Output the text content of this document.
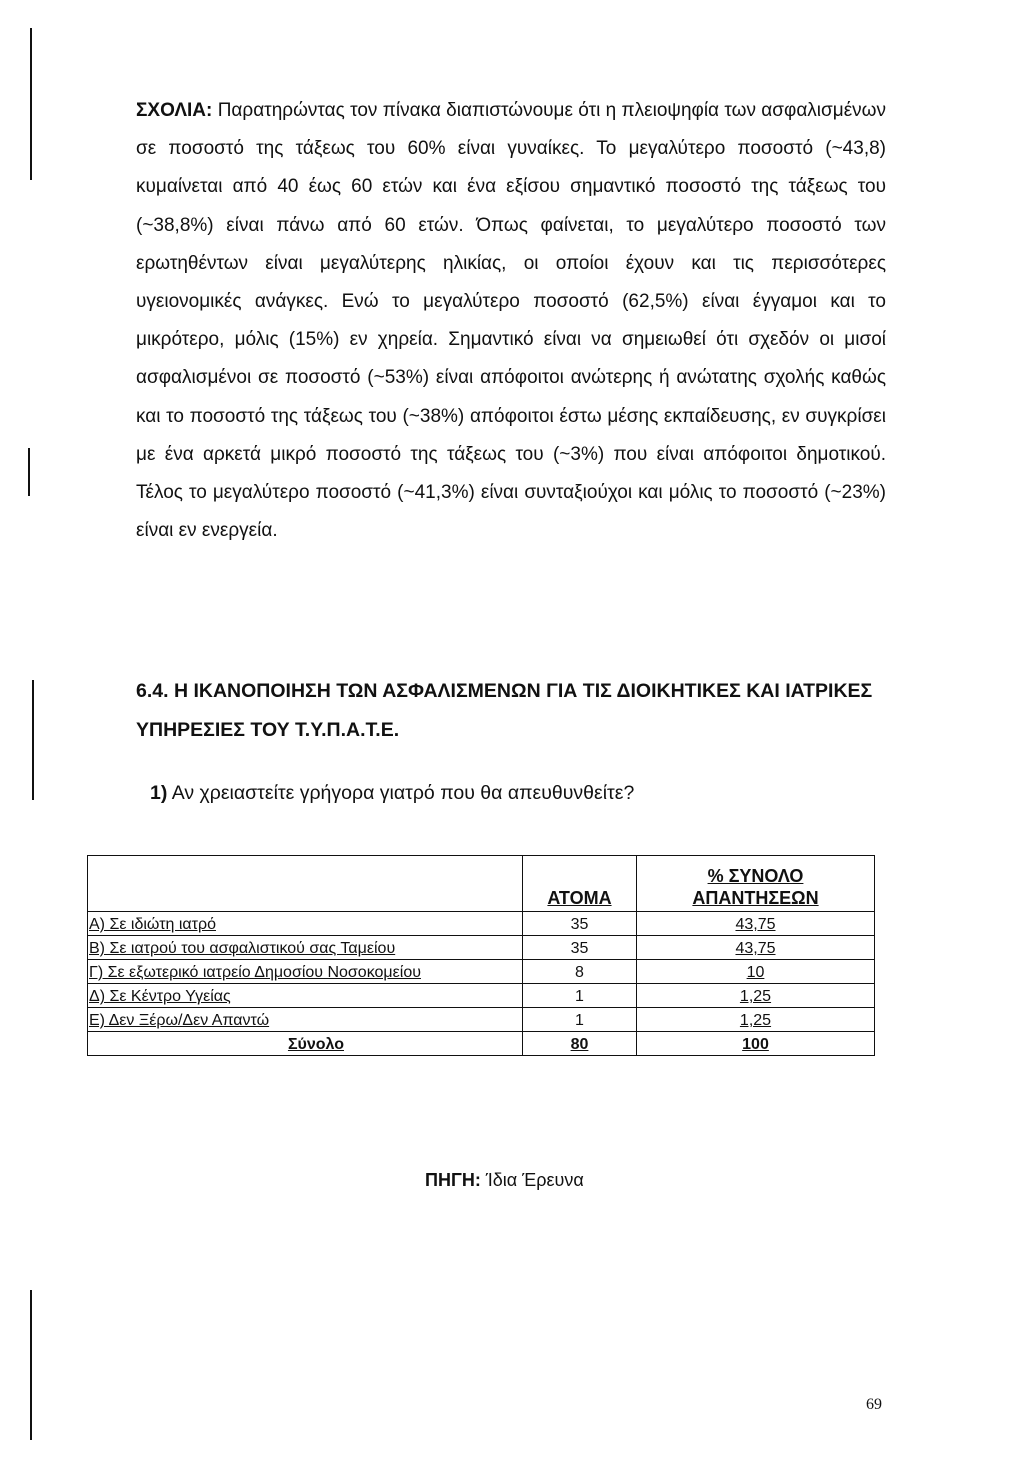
ΣΧΟΛΙΑ: Παρατηρώντας τον πίνακα διαπιστώνουμε ότι η πλειοψηφία των ασφαλισμένων σε ποσοστό της τάξεως του 60% είναι γυναίκες. Το μεγαλύτερο ποσοστό (~43,8) κυμαίνεται από 40 έως 60 ετών και ένα εξίσου σημαντικό ποσοστό της τάξεως του (~38,8%) είναι πάνω από 60 ετών. Όπως φαίνεται, το μεγαλύτερο ποσοστό των ερωτηθέντων είναι μεγαλύτερης ηλικίας, οι οποίοι έχουν και τις περισσότερες υγειονομικές ανάγκες. Ενώ το μεγαλύτερο ποσοστό (62,5%) είναι έγγαμοι και το μικρότερο, μόλις (15%) εν χηρεία. Σημαντικό είναι να σημειωθεί ότι σχεδόν οι μισοί ασφαλισμένοι σε ποσοστό (~53%) είναι απόφοιτοι ανώτερης ή ανώτατης σχολής καθώς και το ποσοστό της τάξεως του (~38%) απόφοιτοι έστω μέσης εκπαίδευσης, εν συγκρίσει με ένα αρκετά μικρό ποσοστό της τάξεως του (~3%) που είναι απόφοιτοι δημοτικού. Τέλος το μεγαλύτερο ποσοστό (~41,3%) είναι συνταξιούχοι και μόλις το ποσοστό (~23%) είναι εν ενεργεία.

6.4. Η ΙΚΑΝΟΠΟΙΗΣΗ ΤΩΝ ΑΣΦΑΛΙΣΜΕΝΩΝ ΓΙΑ ΤΙΣ ΔΙΟΙΚΗΤΙΚΕΣ ΚΑΙ ΙΑΤΡΙΚΕΣ ΥΠΗΡΕΣΙΕΣ ΤΟΥ Τ.Υ.Π.Α.Τ.Ε.

1) Αν χρειαστείτε γρήγορα γιατρό που θα απευθυνθείτε?

	ΑΤΟΜΑ	% ΣΥΝΟΛΟ
ΑΠΑΝΤΗΣΕΩΝ
Α) Σε ιδιώτη ιατρό	35	43,75
Β) Σε ιατρού του ασφαλιστικού σας Ταμείου	35	43,75
Γ) Σε εξωτερικό ιατρείο Δημοσίου Νοσοκομείου	8	10
Δ) Σε Κέντρο Υγείας	1	1,25
Ε) Δεν Ξέρω/Δεν Απαντώ	1	1,25
Σύνολο	80	100

ΠΗΓΗ: Ίδια Έρευνα

69
